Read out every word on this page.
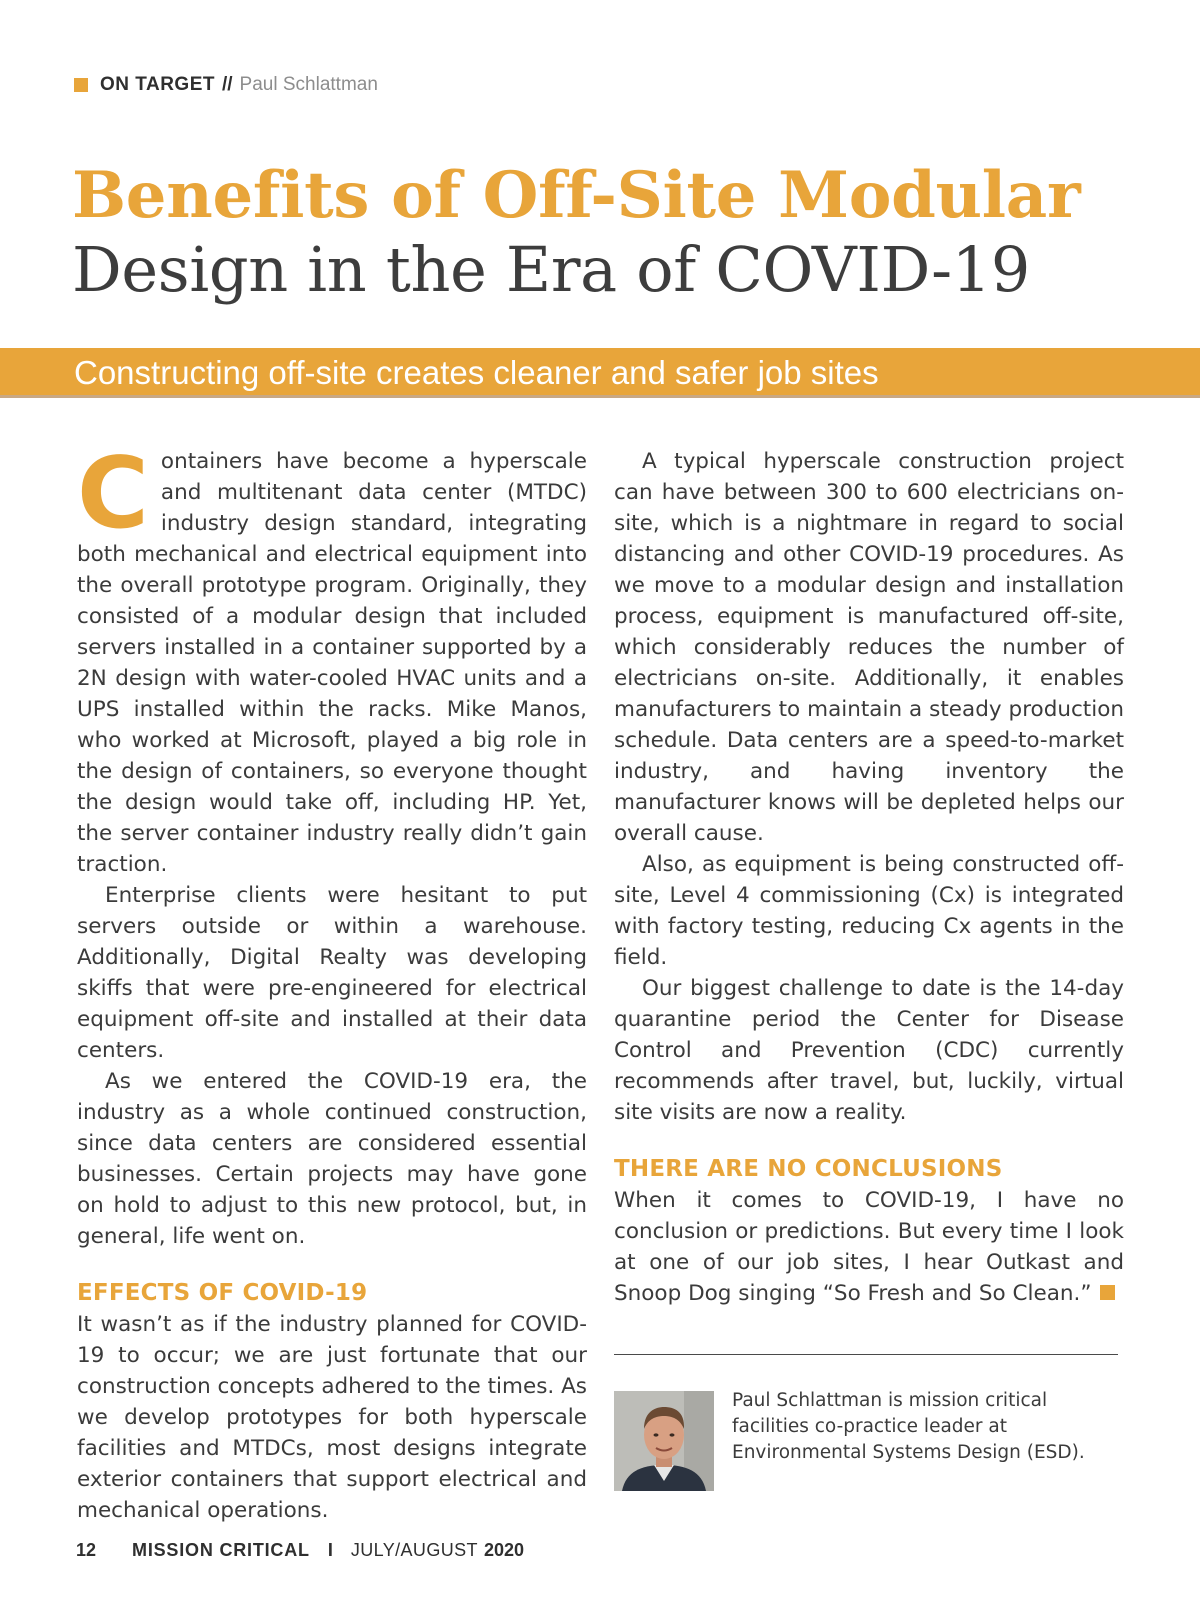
ON TARGET // Paul Schlattman
Benefits of Off-Site Modular
Design in the Era of COVID-19
Constructing off-site creates cleaner and safer job sites

Containers have become a hyperscale and multitenant data center (MTDC) industry design standard, integrating both mechanical and electrical equipment into the overall prototype program. Originally, they consisted of a modular design that included servers installed in a container supported by a 2N design with water-cooled HVAC units and a UPS installed within the racks. Mike Manos, who worked at Microsoft, played a big role in the design of containers, so everyone thought the design would take off, including HP. Yet, the server container industry really didn’t gain traction.

Enterprise clients were hesitant to put servers outside or within a warehouse. Additionally, Digital Realty was developing skiffs that were pre-engineered for electrical equipment off-site and installed at their data centers.

As we entered the COVID-19 era, the industry as a whole continued construction, since data centers are considered essential businesses. Certain projects may have gone on hold to adjust to this new protocol, but, in general, life went on.

EFFECTS OF COVID-19

It wasn’t as if the industry planned for COVID-19 to occur; we are just fortunate that our construction concepts adhered to the times. As we develop prototypes for both hyperscale facilities and MTDCs, most designs integrate exterior containers that support electrical and mechanical operations.

A typical hyperscale construction project can have between 300 to 600 electricians on-site, which is a nightmare in regard to social distancing and other COVID-19 procedures. As we move to a modular design and installation process, equipment is manufactured off-site, which considerably reduces the number of electricians on-site. Additionally, it enables manufacturers to maintain a steady production schedule. Data centers are a speed-to-market industry, and having inventory the manufacturer knows will be depleted helps our overall cause.

Also, as equipment is being constructed off-site, Level 4 commissioning (Cx) is integrated with factory testing, reducing Cx agents in the field.

Our biggest challenge to date is the 14-day quarantine period the Center for Disease Control and Prevention (CDC) currently recommends after travel, but, luckily, virtual site visits are now a reality.

THERE ARE NO CONCLUSIONS

When it comes to COVID-19, I have no conclusion or predictions. But every time I look at one of our job sites, I hear Outkast and Snoop Dog singing “So Fresh and So Clean.”

Paul Schlattman is mission critical facilities co-practice leader at Environmental Systems Design (ESD).
12 MISSION CRITICAL I JULY/AUGUST 2020
